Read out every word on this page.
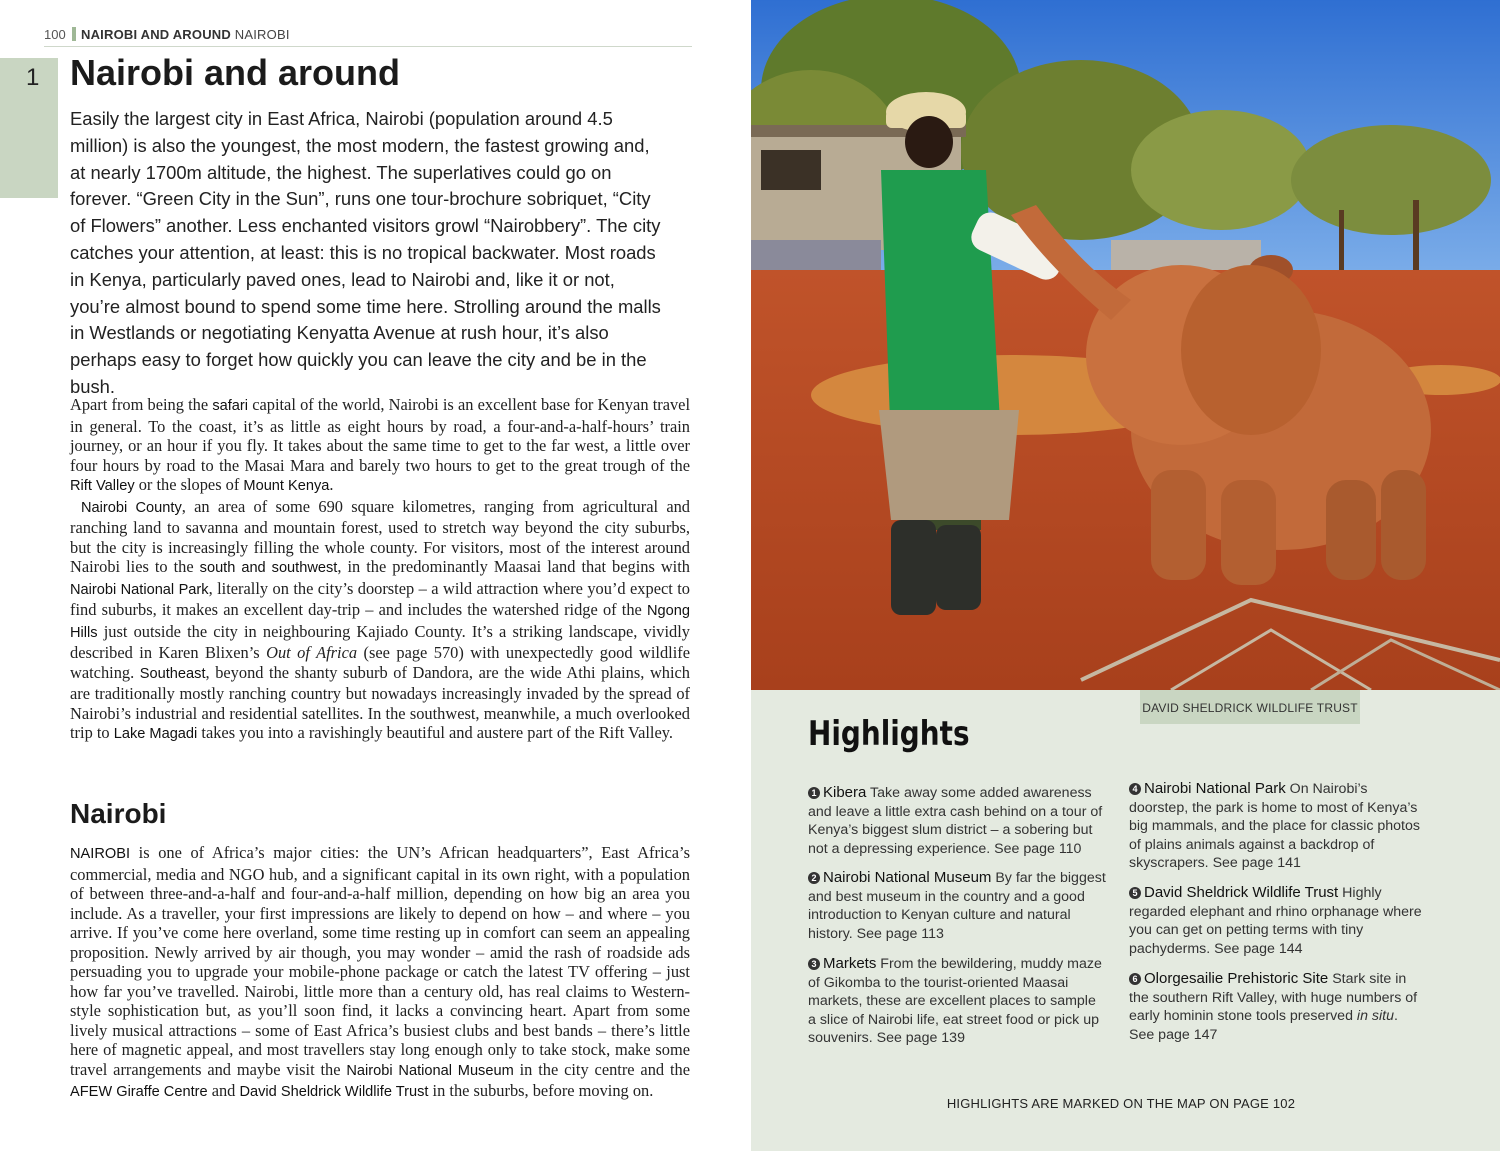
100 NAIROBI AND AROUND NAIROBI
1 Nairobi and around

Easily the largest city in East Africa, Nairobi (population around 4.5 million) is also the youngest, the most modern, the fastest growing and, at nearly 1700m altitude, the highest. The superlatives could go on forever. “Green City in the Sun”, runs one tour-brochure sobriquet, “City of Flowers” another. Less enchanted visitors growl “Nairobbery”. The city catches your attention, at least: this is no tropical backwater. Most roads in Kenya, particularly paved ones, lead to Nairobi and, like it or not, you’re almost bound to spend some time here. Strolling around the malls in Westlands or negotiating Kenyatta Avenue at rush hour, it’s also perhaps easy to forget how quickly you can leave the city and be in the bush.

Apart from being the safari capital of the world, Nairobi is an excellent base for Kenyan travel in general. To the coast, it’s as little as eight hours by road, a four-and-a-half-hours’ train journey, or an hour if you fly. It takes about the same time to get to the far west, a little over four hours by road to the Masai Mara and barely two hours to get to the great trough of the Rift Valley or the slopes of Mount Kenya.

Nairobi County, an area of some 690 square kilometres, ranging from agricultural and ranching land to savanna and mountain forest, used to stretch way beyond the city suburbs, but the city is increasingly filling the whole county. For visitors, most of the interest around Nairobi lies to the south and southwest, in the predominantly Maasai land that begins with Nairobi National Park, literally on the city’s doorstep – a wild attraction where you’d expect to find suburbs, it makes an excellent day-trip – and includes the watershed ridge of the Ngong Hills just outside the city in neighbouring Kajiado County. It’s a striking landscape, vividly described in Karen Blixen’s Out of Africa (see page 570) with unexpectedly good wildlife watching. Southeast, beyond the shanty suburb of Dandora, are the wide Athi plains, which are traditionally mostly ranching country but nowadays increasingly invaded by the spread of Nairobi’s industrial and residential satellites. In the southwest, meanwhile, a much overlooked trip to Lake Magadi takes you into a ravishingly beautiful and austere part of the Rift Valley.

Nairobi

NAIROBI is one of Africa’s major cities: the UN’s African headquarters”, East Africa’s commercial, media and NGO hub, and a significant capital in its own right, with a population of between three-and-a-half and four-and-a-half million, depending on how big an area you include. As a traveller, your first impressions are likely to depend on how – and where – you arrive. If you’ve come here overland, some time resting up in comfort can seem an appealing proposition. Newly arrived by air though, you may wonder – amid the rash of roadside ads persuading you to upgrade your mobile-phone package or catch the latest TV offering – just how far you’ve travelled. Nairobi, little more than a century old, has real claims to Western-style sophistication but, as you’ll soon find, it lacks a convincing heart. Apart from some lively musical attractions – some of East Africa’s busiest clubs and best bands – there’s little here of magnetic appeal, and most travellers stay long enough only to take stock, make some travel arrangements and maybe visit the Nairobi National Museum in the city centre and the AFEW Giraffe Centre and David Sheldrick Wildlife Trust in the suburbs, before moving on.

DAVID SHELDRICK WILDLIFE TRUST
Highlights

1 Kibera Take away some added awareness and leave a little extra cash behind on a tour of Kenya’s biggest slum district – a sobering but not a depressing experience. See page 110

2 Nairobi National Museum By far the biggest and best museum in the country and a good introduction to Kenyan culture and natural history. See page 113

3 Markets From the bewildering, muddy maze of Gikomba to the tourist-oriented Maasai markets, these are excellent places to sample a slice of Nairobi life, eat street food or pick up souvenirs. See page 139

4 Nairobi National Park On Nairobi’s doorstep, the park is home to most of Kenya’s big mammals, and the place for classic photos of plains animals against a backdrop of skyscrapers. See page 141

5 David Sheldrick Wildlife Trust Highly regarded elephant and rhino orphanage where you can get on petting terms with tiny pachyderms. See page 144

6 Olorgesailie Prehistoric Site Stark site in the southern Rift Valley, with huge numbers of early hominin stone tools preserved in situ. See page 147

HIGHLIGHTS ARE MARKED ON THE MAP ON PAGE 102
